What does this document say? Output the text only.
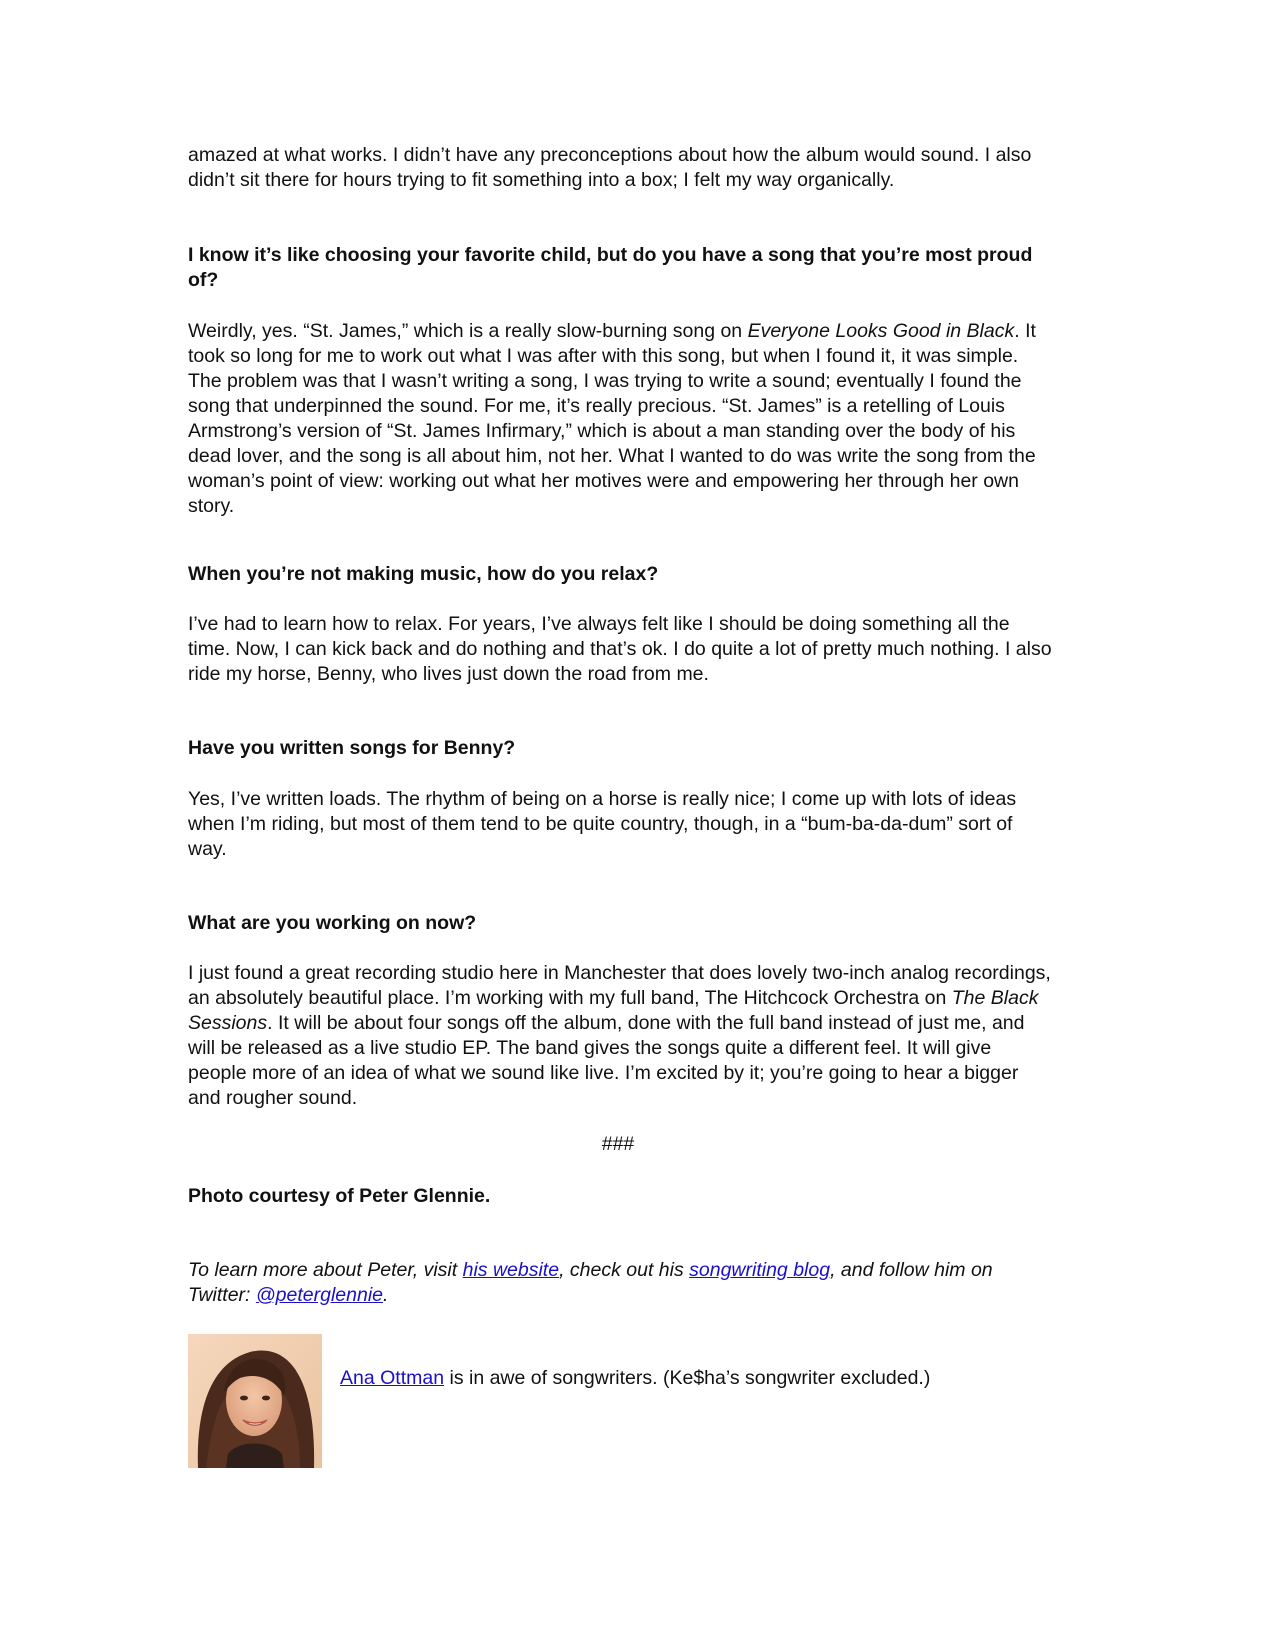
amazed at what works. I didn’t have any preconceptions about how the album would sound. I also didn’t sit there for hours trying to fit something into a box; I felt my way organically.

I know it’s like choosing your favorite child, but do you have a song that you’re most proud of?

Weirdly, yes. “St. James,” which is a really slow-burning song on Everyone Looks Good in Black. It took so long for me to work out what I was after with this song, but when I found it, it was simple. The problem was that I wasn’t writing a song, I was trying to write a sound; eventually I found the song that underpinned the sound. For me, it’s really precious. “St. James” is a retelling of Louis Armstrong’s version of “St. James Infirmary,” which is about a man standing over the body of his dead lover, and the song is all about him, not her. What I wanted to do was write the song from the woman’s point of view: working out what her motives were and empowering her through her own story.

When you’re not making music, how do you relax?

I’ve had to learn how to relax. For years, I’ve always felt like I should be doing something all the time. Now, I can kick back and do nothing and that’s ok. I do quite a lot of pretty much nothing. I also ride my horse, Benny, who lives just down the road from me.

Have you written songs for Benny?

Yes, I’ve written loads. The rhythm of being on a horse is really nice; I come up with lots of ideas when I’m riding, but most of them tend to be quite country, though, in a “bum-ba-da-dum” sort of way.

What are you working on now?

I just found a great recording studio here in Manchester that does lovely two-inch analog recordings, an absolutely beautiful place. I’m working with my full band, The Hitchcock Orchestra on The Black Sessions. It will be about four songs off the album, done with the full band instead of just me, and will be released as a live studio EP. The band gives the songs quite a different feel. It will give people more of an idea of what we sound like live. I’m excited by it; you’re going to hear a bigger and rougher sound.

###

Photo courtesy of Peter Glennie.

To learn more about Peter, visit his website, check out his songwriting blog, and follow him on Twitter: @peterglennie.

Ana Ottman is in awe of songwriters. (Ke$ha’s songwriter excluded.)
